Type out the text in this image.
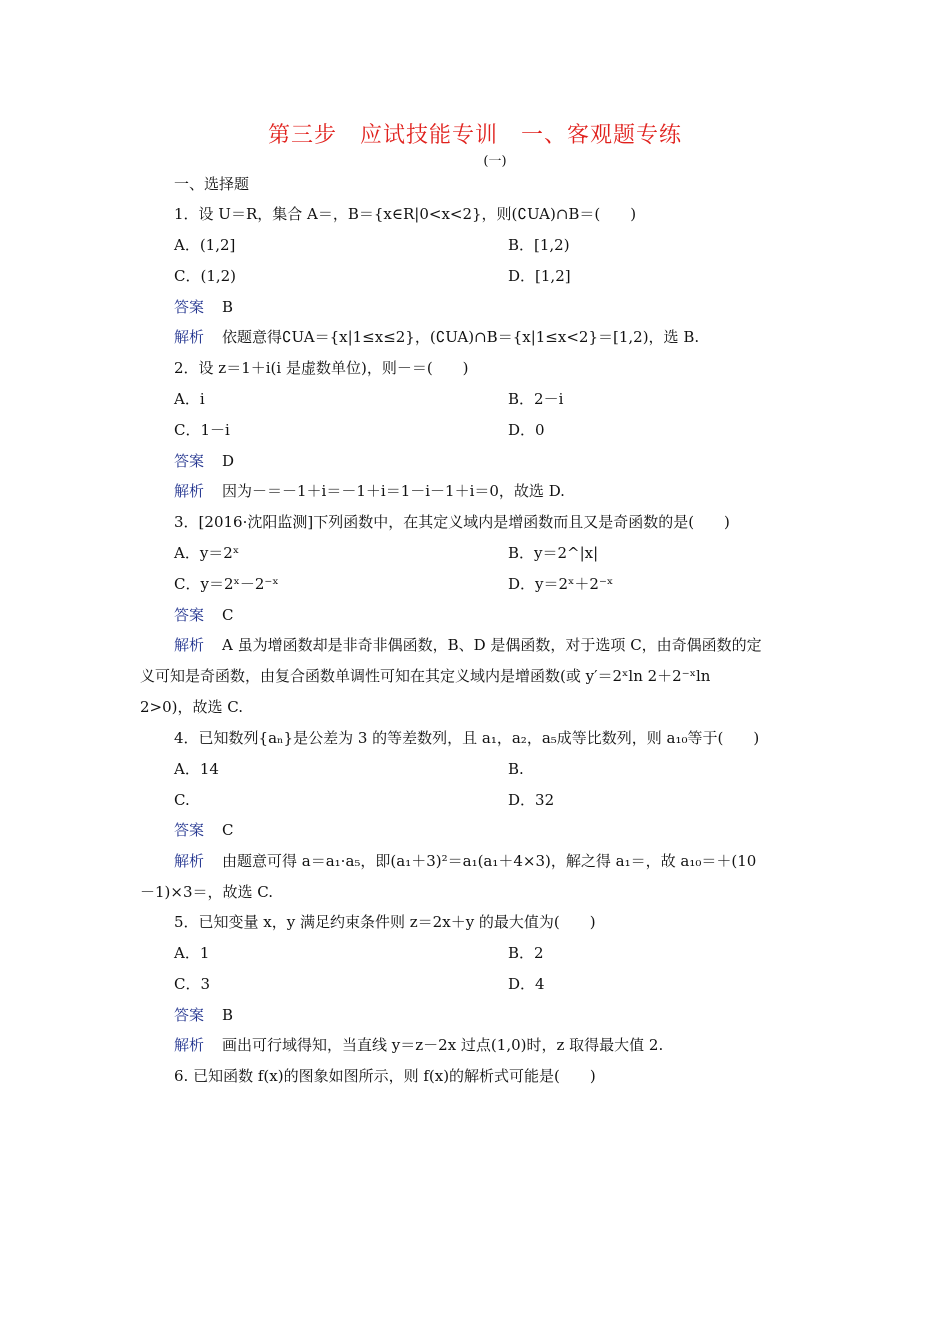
第三步　应试技能专训　一、客观题专练
(一)
一、选择题
1．设 U＝R，集合 A＝，B＝{x∈R|0<x<2}，则(∁UA)∩B＝(　　)
A．(1,2]	B．[1,2)
C．(1,2)	D．[1,2]
答案 B
解析 依题意得∁UA＝{x|1≤x≤2}，(∁UA)∩B＝{x|1≤x<2}＝[1,2)，选 B.
2．设 z＝1＋i(i 是虚数单位)，则－＝(　　)
A．i	B．2－i
C．1－i	D．0
答案 D
解析 因为－＝－1＋i＝－1＋i＝1－i－1＋i＝0，故选 D.
3．[2016·沈阳监测]下列函数中，在其定义域内是增函数而且又是奇函数的是(　　)
A．y＝2ˣ	B．y＝2^|x|
C．y＝2ˣ－2⁻ˣ	D．y＝2ˣ＋2⁻ˣ
答案 C
解析 A 虽为增函数却是非奇非偶函数，B、D 是偶函数，对于选项 C，由奇偶函数的定
义可知是奇函数，由复合函数单调性可知在其定义域内是增函数(或 y′＝2ˣln 2＋2⁻ˣln
2>0)，故选 C.
4．已知数列{aₙ}是公差为 3 的等差数列，且 a₁，a₂，a₅成等比数列，则 a₁₀等于(　　)
A．14	B.
C.	D．32
答案 C
解析 由题意可得 a＝a₁·a₅，即(a₁＋3)²＝a₁(a₁＋4×3)，解之得 a₁＝，故 a₁₀＝＋(10
－1)×3＝，故选 C.
5．已知变量 x，y 满足约束条件则 z＝2x＋y 的最大值为(　　)
A．1	B．2
C．3	D．4
答案 B
解析 画出可行域得知，当直线 y＝z－2x 过点(1,0)时，z 取得最大值 2.
6. 已知函数 f(x)的图象如图所示，则 f(x)的解析式可能是(　　)
